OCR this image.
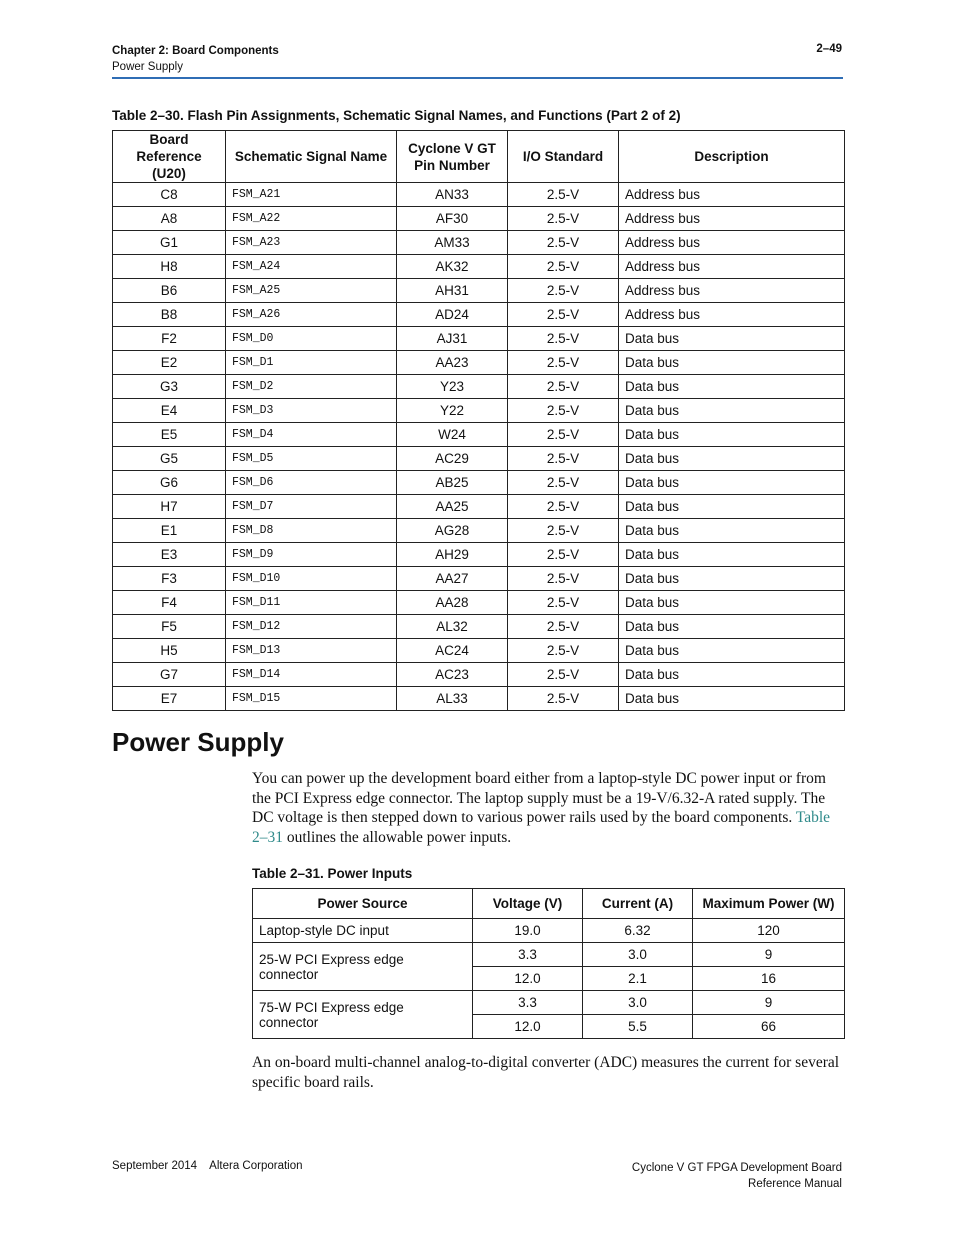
Chapter 2: Board Components
Power Supply
2–49
Table 2–30. Flash Pin Assignments, Schematic Signal Names, and Functions (Part 2 of 2)
Board Reference (U20)	Schematic Signal Name	Cyclone V GT Pin Number	I/O Standard	Description
C8	FSM_A21	AN33	2.5-V	Address bus
A8	FSM_A22	AF30	2.5-V	Address bus
G1	FSM_A23	AM33	2.5-V	Address bus
H8	FSM_A24	AK32	2.5-V	Address bus
B6	FSM_A25	AH31	2.5-V	Address bus
B8	FSM_A26	AD24	2.5-V	Address bus
F2	FSM_D0	AJ31	2.5-V	Data bus
E2	FSM_D1	AA23	2.5-V	Data bus
G3	FSM_D2	Y23	2.5-V	Data bus
E4	FSM_D3	Y22	2.5-V	Data bus
E5	FSM_D4	W24	2.5-V	Data bus
G5	FSM_D5	AC29	2.5-V	Data bus
G6	FSM_D6	AB25	2.5-V	Data bus
H7	FSM_D7	AA25	2.5-V	Data bus
E1	FSM_D8	AG28	2.5-V	Data bus
E3	FSM_D9	AH29	2.5-V	Data bus
F3	FSM_D10	AA27	2.5-V	Data bus
F4	FSM_D11	AA28	2.5-V	Data bus
F5	FSM_D12	AL32	2.5-V	Data bus
H5	FSM_D13	AC24	2.5-V	Data bus
G7	FSM_D14	AC23	2.5-V	Data bus
E7	FSM_D15	AL33	2.5-V	Data bus
Power Supply
You can power up the development board either from a laptop-style DC power input or from the PCI Express edge connector. The laptop supply must be a 19-V/6.32-A rated supply. The DC voltage is then stepped down to various power rails used by the board components. Table 2–31 outlines the allowable power inputs.
Table 2–31. Power Inputs
Power Source	Voltage (V)	Current (A)	Maximum Power (W)
Laptop-style DC input	19.0	6.32	120
25-W PCI Express edge connector	3.3	3.0	9
	12.0	2.1	16
75-W PCI Express edge connector	3.3	3.0	9
	12.0	5.5	66
An on-board multi-channel analog-to-digital converter (ADC) measures the current for several specific board rails.
September 2014    Altera Corporation	Cyclone V GT FPGA Development Board
Reference Manual
